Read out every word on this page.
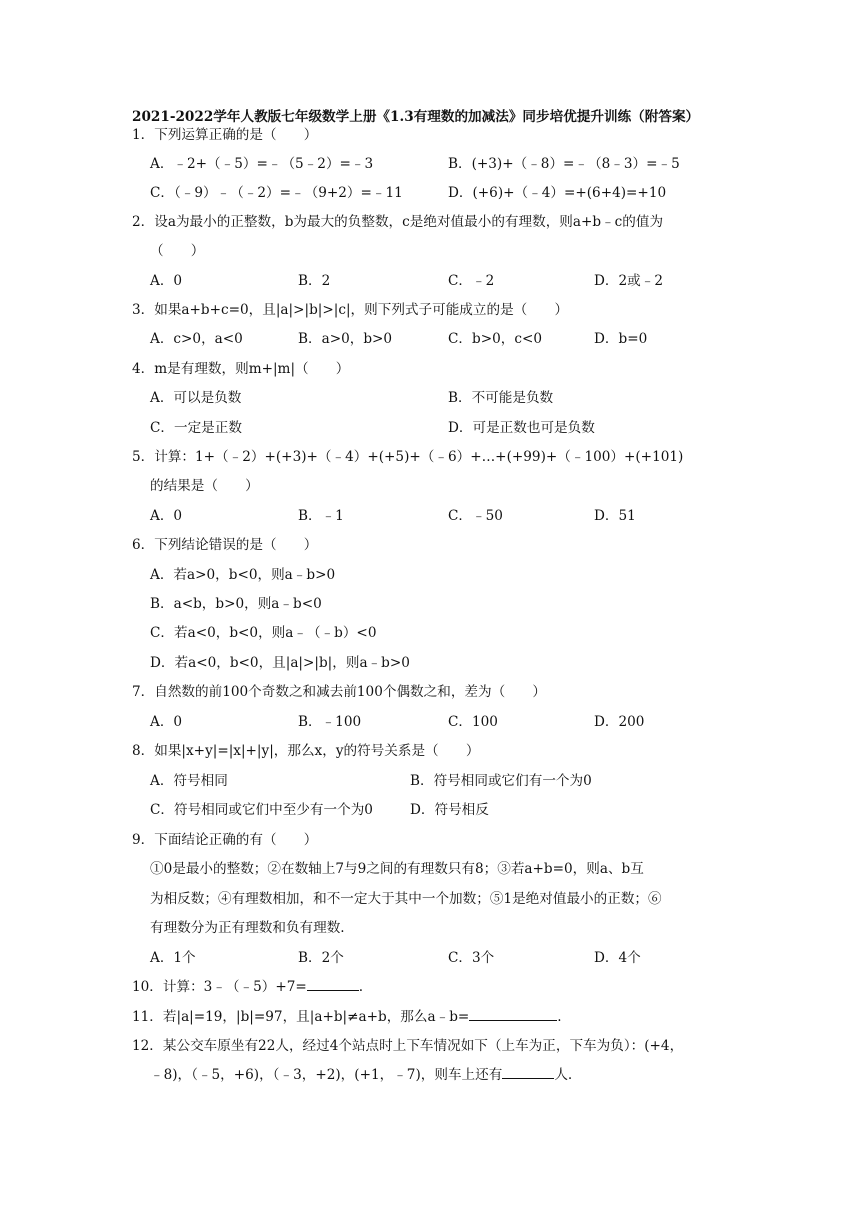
2021-2022学年人教版七年级数学上册《1.3有理数的加减法》同步培优提升训练（附答案）
1．下列运算正确的是（　　）
A．﹣2+（﹣5）=﹣（5﹣2）=﹣3	B．(+3)+（﹣8）=﹣（8﹣3）=﹣5
C．（﹣9）﹣（﹣2）=﹣（9+2）=﹣11	D．(+6)+（﹣4）=+(6+4)=+10
2．设a为最小的正整数，b为最大的负整数，c是绝对值最小的有理数，则a+b﹣c的值为
（　　）
A．0	B．2	C．﹣2	D．2或﹣2
3．如果a+b+c=0，且|a|>|b|>|c|，则下列式子可能成立的是（　　）
A．c>0，a<0	B．a>0，b>0	C．b>0，c<0	D．b=0
4．m是有理数，则m+|m|（　　）
A．可以是负数	B．不可能是负数
C．一定是正数	D．可是正数也可是负数
5．计算：1+（﹣2）+(+3)+（﹣4）+(+5)+（﹣6）+…+(+99)+（﹣100）+(+101)
的结果是（　　）
A．0	B．﹣1	C．﹣50	D．51
6．下列结论错误的是（　　）
A．若a>0，b<0，则a﹣b>0
B．a<b，b>0，则a﹣b<0
C．若a<0，b<0，则a﹣（﹣b）<0
D．若a<0，b<0，且|a|>|b|，则a﹣b>0
7．自然数的前100个奇数之和减去前100个偶数之和，差为（　　）
A．0	B．﹣100	C．100	D．200
8．如果|x+y|=|x|+|y|，那么x，y的符号关系是（　　）
A．符号相同	B．符号相同或它们有一个为0
C．符号相同或它们中至少有一个为0	D．符号相反
9．下面结论正确的有（　　）
①0是最小的整数；②在数轴上7与9之间的有理数只有8；③若a+b=0，则a、b互
为相反数；④有理数相加，和不一定大于其中一个加数；⑤1是绝对值最小的正数；⑥
有理数分为正有理数和负有理数.
A．1个	B．2个	C．3个	D．4个
10．计算：3﹣（﹣5）+7=	.
11．若|a|=19，|b|=97，且|a+b|≠a+b，那么a﹣b=	.
12．某公交车原坐有22人，经过4个站点时上下车情况如下（上车为正，下车为负）：(+4，
﹣8)，（﹣5，+6)，（﹣3，+2)，(+1，﹣7)，则车上还有	人.
